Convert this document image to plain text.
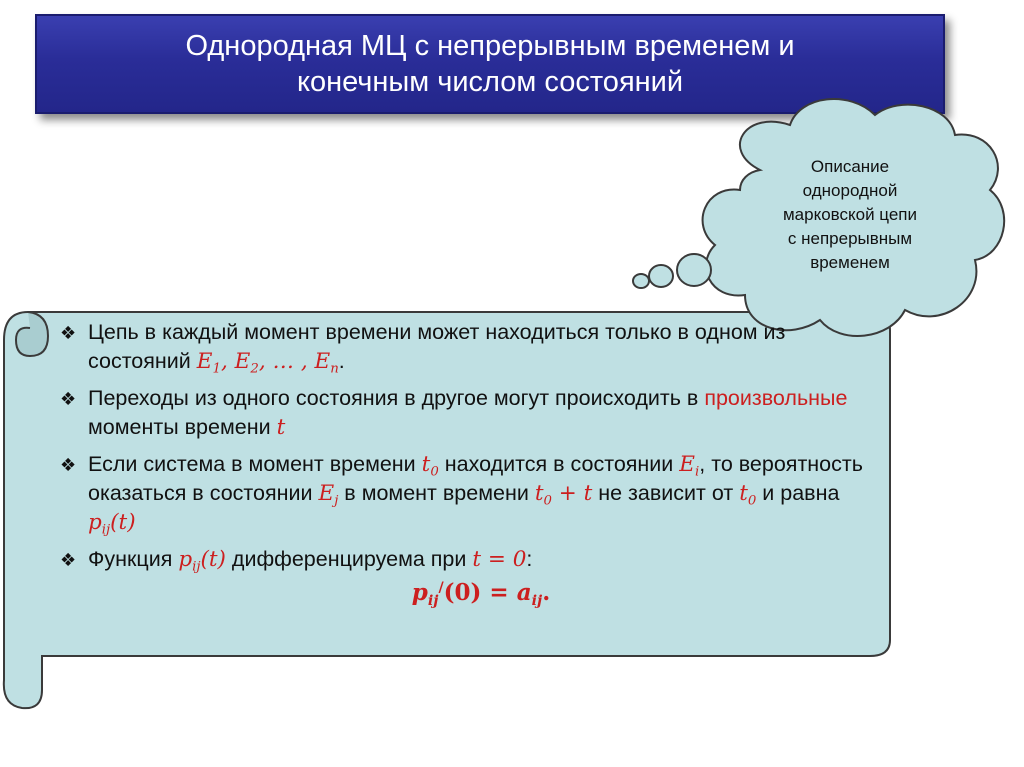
Однородная МЦ с непрерывным временем и
конечным числом состояний
Описание
однородной
марковской цепи
с непрерывным
временем
❖ Цепь в каждый момент времени может находиться только в одном из состояний $E_1$, $E_2$, … , $E_n$.
❖ Переходы из одного состояния в другое могут происходить в произвольные моменты времени t
❖ Если система в момент времени $t_0$ находится в состоянии $E_i$, то вероятность оказаться в состоянии $E_j$ в момент времени $t_0 + t$ не зависит от $t_0$ и равна $p_{ij}(t)$
❖ Функция $p_{ij}(t)$ дифференцируема при t = 0:
$p_{ij}^/(0) = a_{ij}$.
